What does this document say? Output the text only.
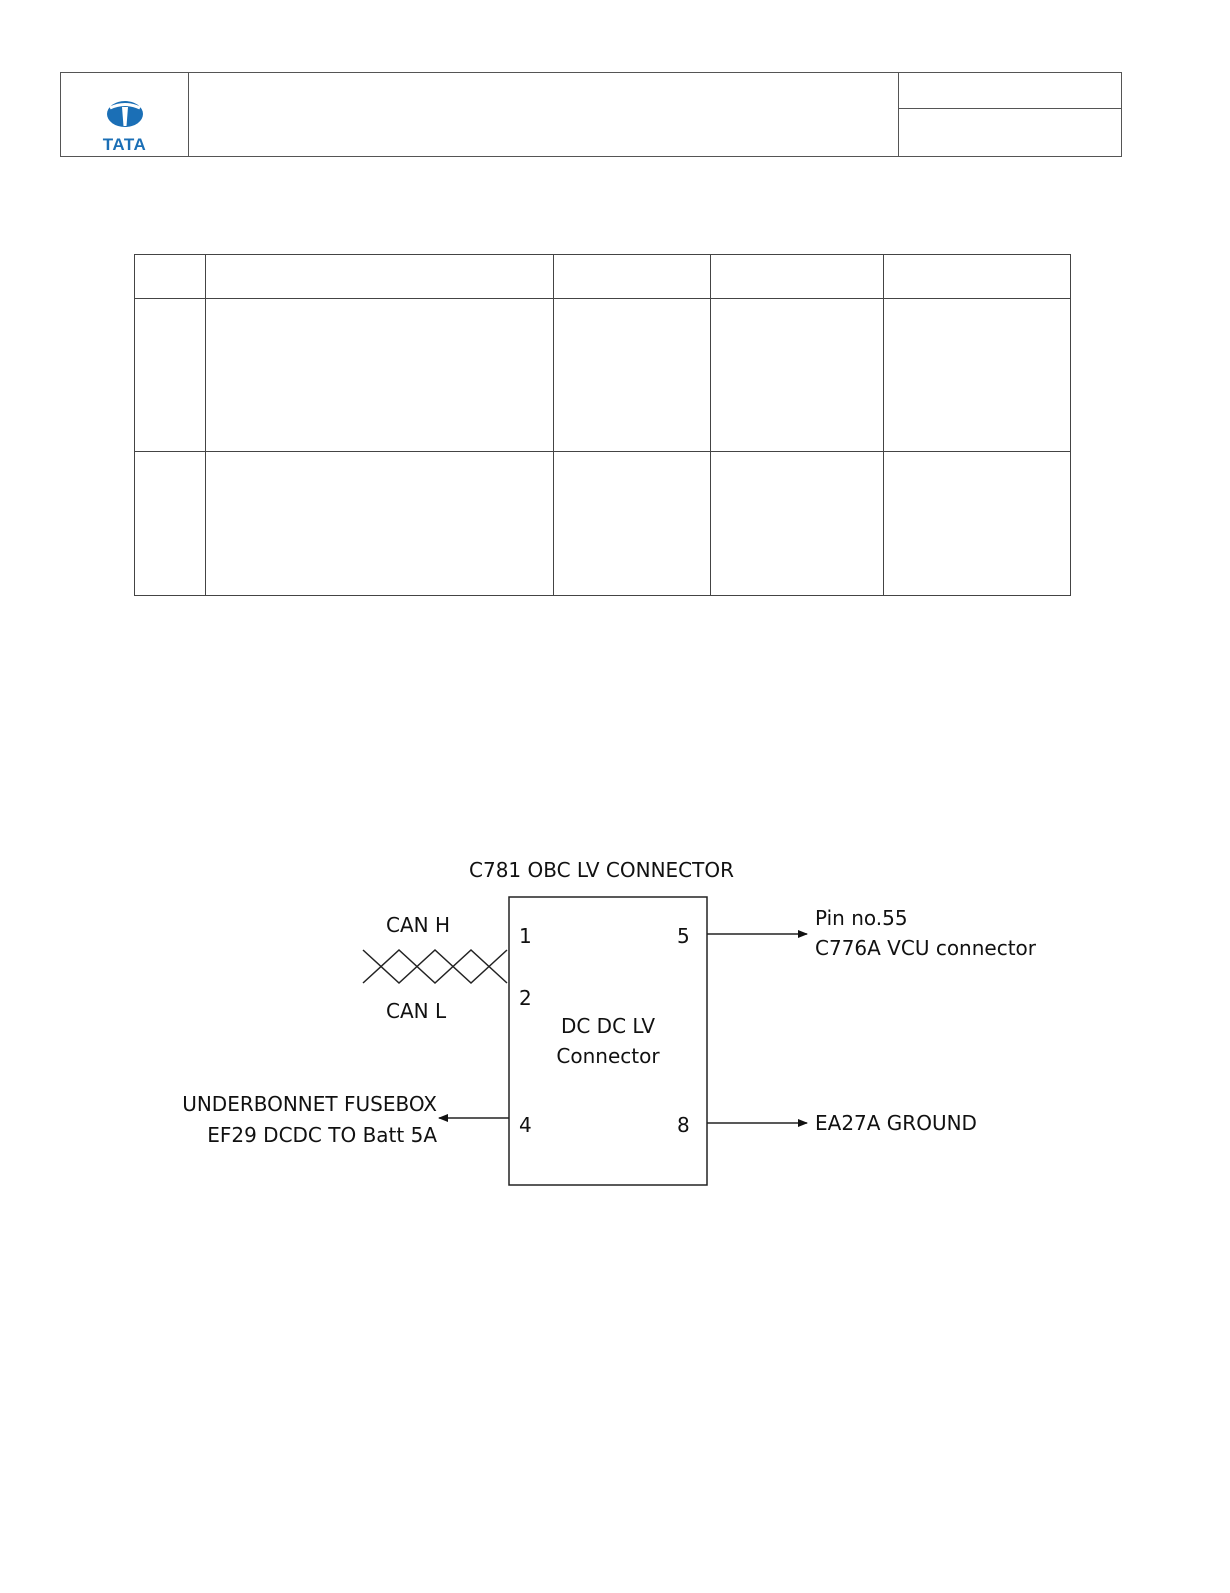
TATA

C781 OBC LV CONNECTOR
DC DC LV
Connector
1
2
4
5
8
CAN H
CAN L
Pin no.55
C776A VCU connector
EA27A GROUND
UNDERBONNET FUSEBOX
EF29 DCDC TO Batt 5A
